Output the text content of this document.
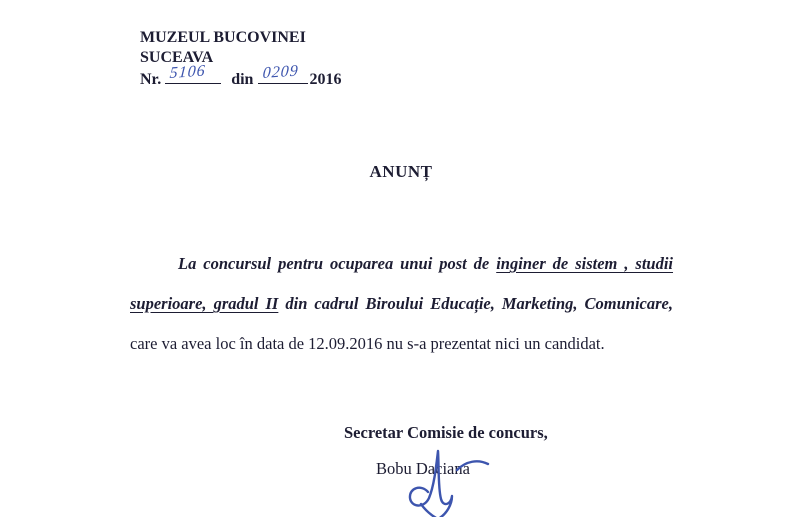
MUZEUL BUCOVINEI
SUCEAVA
Nr. 5106 din 0209 2016
ANUNȚ
La concursul pentru ocuparea unui post de inginer de sistem , studii
superioare, gradul II din cadrul Biroului Educație, Marketing, Comunicare,
care va avea loc în data de 12.09.2016 nu s-a prezentat nici un candidat.
Secretar Comisie de concurs,
Bobu Daciana
